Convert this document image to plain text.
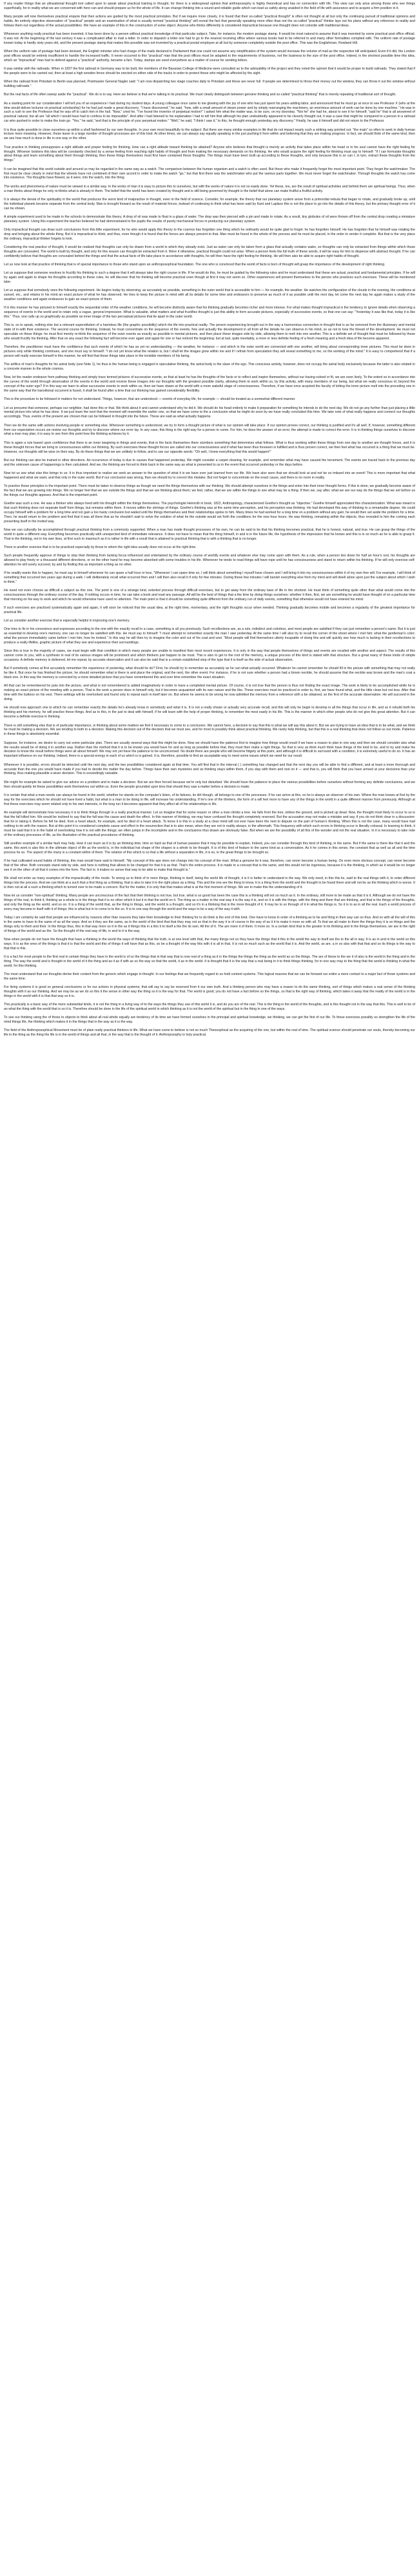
If any reader things that an ultrarational thought tool called upon to speak about practical training in thought, for there is a widespread opinion that anthroposophy is highly theoretical and has no connection with life. This view can only arise among those who see things superficially, for in reality what we are concerned with here can and should prepare us for the whole of life. It can change thinking into a sound and reliable guide which can lead us safely along unaided in the field of life with assurance and to acquire a firm position in it.

Many people will now themselves practical enquire that their actions are guided by the most practical principles. But if we inquire more closely, it is found that their so-called "practical thought" is often not thought at all but only the continuing pursuit of traditional opinions and habits. An entirely objective observation of "practical" people and an examination of what is usually termed "practical thinking" will reveal the fact that generally speaking more often than not the so-called "practical" thinker lays out his plans without any reference to reality and follows them out regardless of the actual possibilities. We have an example of this in the construction of some object. Anyone who thinks differently is considered impractical because one thought does not coincide with traditional ideas.

Whenever anything really practical has been invented, it has been done by a person without practical knowledge of that particular subject. Take, for instance, the modern postage stamp. It would be most natural to assume that it was invented by some practical post office official. It was not. At the beginning of the last century it was a complicated affair to mail a letter. In order to dispatch a letter one had to go to the nearest receiving office where various books had to be referred to and many other formalities complied with. The uniform rate of postage known today is hardly sixty years old, and the present postage stamp that makes this possible was not invented by a practical postal employee at all but by someone completely outside the post office. This was the Englishman, Rowland Hill.

When the uniform rate of postage had been devised, the English minister who had charge of the mails declared in Parliament that one could not assume any simplification of the system would increase the volume of mail as the respective bill anticipated. Even if it did, the London post offices would be entirely insufficient to handle the increased traffic. It never occurred to this "practical" man that the post offices must be adapted to the requirements of business, not the business to the size of the post office. Indeed, in the shortest possible time this idea, which an "impractical" man had to defend against a "practical" authority, became a fact. Today, stamps are used everywhere as a matter of course for sending letters.

It was similar with the railroads. When in 1837 the first railroad in Germany was to be built, the members of the Bavarian College of Medicine were consulted as to the advisability of the project and they voted the opinion that it would be proper to build railroads. They stated that if the people were to be carried out, then at least a high wooden fence should be erected on either side of the tracks in order to protect these who might be affected by the sight.

When the railroad from Potsdam to Berlin was planned, Postmaster General Nagler said: "I am now dispatching two stage coaches daily to Potsdam and these are never full. If people are determined to throw their money out the window, they can throw it out the window without building railroads."

But the real facts of life often sweep aside the "practical". We do is to say. Here we believe is that we're talking in its practical. We must clearly distinguish between genuine thinking and so-called "practical thinking" that is merely repeating of traditional sort of thought.

As a starting point for our consideration I will tell you of an experience I had during my student days. A young colleague once came to me glowing with the joy of one who has just spent his years adding labor, and announced that he must go at once to see Professor X (who at the time would deliver lectures on practical scholarship) for he had just made a great discovery. "I have discovered," he said, "how, with a small amount of steam power and by simply rearranging the machinery, an enormous amount of work can be done by one machine." He was in such a rush to see the Professor that he was off to catch him in the hall. "Now," cried he. "I've found the inventor of perpetual motion!" I asked him what the matter was, to be sure, on my doorstep. "Not he" she had he, about to see it for himself; "said he" that is all answered of practical natural; but all are "all which I would have had to confess to be impossible". And after I had listened to his explanation I had to tell him that although his plan undoubtedly appeared to be cleverly thought out, it was a case that might be compared to a person in a railroad car who pushed in order to make the train go. "Yes," he said, "and that is the principle of your perpetual motion." "Well," he said, "I think I saw it," to this, he thought enough yesterday any discovery." Finally, he saw it himself and did not return to the Professor.

It is thus quite possible to close ourselves up within a shell fashioned by our own thoughts. In your own most beautifully to the subject. But there are many similar examples in life that do not impact nearly such a striking way pointed out. "the main" so often to seek in daily human lecture more meaning. However, those leave in a large number of thought processes are of this kind. At other times, we can always say equally speaking in the just pushing it from within and believing that they are making progress. In fact, we should think of the same kind, then we see how much is done in life in one way or the other.

True practice in thinking presupposes a right attitude and proper feeling for thinking. How can a right attitude toward thinking be attained? Anyone who believes that thought is merely an activity that takes place within his head or in his soul cannot have the right feeling for thought. Whoever bolsters this idea will be constantly checked by a sense feeling from reaching right habits of thought and from making the necessary demands on his thinking. He who would acquire the right feeling for thinking must say to himself: "If I can formulate thoughts about things and learn something about them through thinking, then these things themselves must first have contained these thoughts. The things must have been built up according to these thoughts, and only because this is so can I, in turn, extract these thoughts from the things."

It can be imagined that this world outside and around us may be regarded in the same way as a watch. The comparison between the human organism and a watch is often used. But those who make it frequently forget the most important point. They forget the watchmaker. The first must be clear clearly in mind that the wheels have not combined of their own accord in order to make the watch "go," but that first there was the watchmaker who put the various parts together. We must never forget the watchmaker. Through thoughts the watch has come into existence. The thoughts have flowed, as it were, into the watch, into the thing.

The works and phenomena of nature must be viewed in a similar way. In the works of man it is easy to picture this to ourselves, but with the works of nature it is not so easily done. Yet these, too, are the result of spiritual activities and behind them are spiritual beings. Thus, when a man thinks about things he only re-thinks what is already in them. The belief that the world has been created by thought and is still being governed by thought is the belief that alone can make fruitful a fruitful activity.

It is always the denial of the spirituality in the world that produces the worst kind of malpractice in thought, even in the field of science. Consider, for example, the theory that our planetary system arose from a primordial nebula that began to rotate, and gradually broke up, until the individual planets became separate from the central body. Man is brought forward as the result of material forces, instead of continuing to think what has been said by Kant and Laplace this is not the place to go into the details of this theory, but the primary thought error of it can be shown.

A simple experiment used to be made in the schools to demonstrate this theory. A drop of oil was made to float in a glass of water. The drop was then pierced with a pin and made to rotate. As a result, tiny globules of oil were thrown off from the central drop creating a miniature planetary system. Using this experiment the teacher believed he had demonstrated to the pupils the results of purely mechanical forces in producing our planetary system.

Only impractical thought can draw such conclusions from this little experiment, for he who would apply this theory to the cosmos has forgotten one thing which he ordinarily would be quite glad to forget: he has forgotten himself. He has forgotten that he himself was rotating the drop and bringing about the whole thing. But it is impractical to think; and thus, even though it is found that the forces are always present to that. Man must be found in the whole of the process and he must be placed, in the order to render it complete. But that is the very place the ordinary, impractical thinker forgets to look.

Considering the real practice of thought, it would be realized that thoughts can only be drawn from a world in which they already exist. Just as water can only be taken from a glass that actually contains water, so thoughts can only be extracted from things within which those thoughts are concealed. The world is built by thought, and only for this reason can thought be extracted from it. Were it otherwise, practical thought could not arise. When a person feels the full truth of these words, it will be easy for him to dispense with abstract thought. If he can confidently believe that thoughts are concealed behind the things and that the actual facts of life take place in accordance with thoughts, he will then have the right feeling for thinking. He will then also be able to acquire right habits of thought.

Let us now look at that practice of thinking that is of special importance to those who stand upon an anthroposophical foundation. The one who is convinced that the world of facts is born of thought will grasp the importance of the development of right thinking.

Let us suppose that someone resolves to fructify his thinking to such a degree that it will always take the right course in life. If he would do this, he must be guided by the following rules and he must understand that these are actual, practical and fundamental principles. If he will try again and again to shape his thoughts according to these rules, he will discover that his thinking will become practical even though at first it may not seem so. Other experiences will present themselves to the person who practices such exercises. These will be mentioned later.

Let us suppose that somebody sees the following experiment. He begins today by observing, as accurately as possible, something in the outer world that is accessible to him — for example, the weather. He watches the configuration of the clouds in the evening, the conditions at sunset, etc., and retains in his mind an exact picture of what he has observed. He tries to keep the picture in mind with all its details for some time and endeavors to preserve as much of it as possible until the next day, let come the next day he again makes a study of the weather conditions and again endeavors to gain an exact picture of them.

If in this manner he has pictured to himself exactly the sequential order of the weather conditions, he will become distinctly aware that his thinking gradually becomes richer and more intense. For what makes thought impractical is the tendency to ignore details when observing a sequence of events in the world and to retain only a vague, general impression. What is valuable, what matters and what fructifies thought is just this ability to form accurate pictures, especially of successive events, so that one can say: "Yesterday it was like that, today it is like this." Thus, one calls up so graphically as possible an inner image of the two perceptual pictures that lie apart in the outer world.

This is, so to speak, nothing else but a relevant superstitution of a harmless life (the graphic possibility) which the life into practical reality. The person experiencing brought out in the way a harmonious connection in thought that is as far removed from the illusionary and mental state of in-with their existence. The second course for thinking. Instead, he must concentrate on the sequence of the events, free and actually the development in all from all the details he can observe in his mind, so as not to lose the thread of the development. He must not speculate on these things: he must first merely re-think the sequence of the outer events as exactly as possible in mental pictures, and then place these images side by side, allowing them to melt into one another. This is a definite set of thought that must be followed by those who would fructify his thinking. After that on any exact the following fact will become ever again and again for one or has noticed the beginning: but at last, quite inevitably, a more or less definite feeling of a fresh meaning and a fresh idea of life become apparent.

Therefore, the practitioner must have the confidence that such events of which he has as yet no understanding — the weather, for instance — and which in the outer world are connected with one another, will bring about corresponding inner pictures. This must be done in pictures only while thinking continues, and one must say to himself: "I do not yet know what the relation is, but I shall let the images grow within me and if I refrain from speculation they will reveal something to me, so the working of the mind." It is easy to comprehend that if a person will really exercise himself in this manner, he will find that those things take place in the invisible members of his being.

The artifice of man's thoughts for his astral body (see Note 1), he thus is the human being is engaged in speculative thinking, the astral body is the slave of the ego. This conscious activity, however, does not occupy the astral body exclusively because the latter is also related in a concrete manner to the whole cosmos.

Now, let the reader endeavor from pathway thinking and simply trace termed pictures of successive events, so that at least he has the thoughts of the facts or to reflect and inspire themselves, without our having solved or fit, we are soon lively. To the extent so in accordance into the curves of the world through observation of the events in the world and receive these images into our thoughts with the greatest possible clarity, allowing them to work within us, by this activity, with many members of our being, but what we really conscious of, beyond the concept of the outer ego? If in this way we learn to allow successive events to work within us, then we have drawn at the world with a more wakeful stage of consciousness. Therefore, if we have once acquired the faculty of letting the inner picture melt into the preceding one in the same way that the transitional occurrent is fused, it shall be found after a time that our thinking has gained considerably flexibility.

This is the procedure to be followed in matters for not understand. Things, however, that are understood — events of everyday life, for example — should be treated as a somewhat different manner.

Let us presume that someone, perhaps our neighbor, had done this or that. We think about it and cannot understand why he did it. We should do his head entirely to make it preparation for something he intends to do the next day. We do not go any further than just placing a little mental picture into what he has done. It we just learn the next that the moment will resemble the earlier one, so that we have come to the a conclusion what he might do soon by we have really concluded this time. We take note of what really happens and connect our thoughts accordingly. Thus, events of the present are chosen that can be followed in thought into the future. These are said as what actually happens.

Then we do the same with actions involving people or something else. Whenever something is understood, we try to form a thought picture of what is our opinion will take place. If our opinion proves correct, our thinking is justified and it's all well. If, however, something different from our expectation occurs we review our thoughts and try to discover where our error lay. In any case, this thing is the right way for a person to come. For him, he does the answer of an error, the attempt is made to correct the error. It is in thinking things ourselves to discover what a man may plan, it is easy to see from this point how the thinking achieves by it.

This is again a rule based upon confidence that there is an inner lawgiving in things and events, that in the facts themselves there slumbers something that determines what follows. What is thus working within these things from one day to another are thought forces, and it is these thought forces that we bring to consciousness within our thinking. By such exercises these thought forces are called into our consciousness and if what has been thus foreseen is fulfilled and is thus proven correct, we then feel what has occurred is a thing that we must be. However, our thoughts will be wise on their way. By do these things that we are unlikely to follow, and to use our opposite words: "Oh well, I knew everything that this would happen!"

But our thinking can also be trained in other directions. An occurrence of today is due to causes that happened yesterday. We might consider a carpet cleaning, for example, and remember what may have caused the tornement. The events are traced back to the previous day and the unknown cause of happenings is then calculated. And we, the thinking are forced to think back in the same way as what is presented to us in the event that occurred yesterday or the days before.

Now let us see what else this brings to us: It is thus important to realize we seek an answer to the question of what it is we have ever just learned from our life. We have also seen that we should look at and not be so imbued into an event! This is more important that what happened and what we want, and that only in the outer world. But if our conclusion was wrong, then we should try to correct this mistake. But not forget to concentrate on the exact cause, and there is no room in reality.

To practice these principles is the important point. There must be taken to observe things as though we need the things themselves with our thinking. We should attempt ourselves in the things and enter into their inner thought forms. If this is done, we gradually become aware of the fact that we are growing into things. We no longer feel that we are outside the things and that we are thinking about them; we feel, rather, that we are within the things to see what may be a thing. If then we, say after, what we are our way do the things that we set before us the things our thoughts appears. And that is the important point.

Goethe was such a one. He was a thinker who always lived with his thought within the things themselves. The psychologist Heinroth in book, 1822, Anthropology, characterized Goethe's thought as "objective." Goethe himself appreciated this characterization. What was meant is that such thinking does not separate itself from things, but remains within them. It moves within the stirrings of things. Goethe's thinking was at the same time perception, and his perception was thinking. He had developed this way of thinking to a remarkable degree. He could occupy himself with a problem for a long time and not gain a too hasty conclusion but waited until the things themselves and their relationships spoke to him. Many times he had worked for a long time on a problem without any gain; he would then set aside the problem for a time. Then, he would return to the problem and find that it was all there that as he shouldn't wait to solve the solution of what he the outside would set forth the conditions for the new hour hours. He was thinking, remaining within the objects, thus revealed to him the coming each presenting itself in the invited way.

Now we can culturally be accomplished through practical thinking from a commonly supported. When a man has made thought processes of his own, he can be said to be that his thinking becomes practical, that he is honest, natural, and true. He can grasp the things of the world in quite a different way. Everything becomes practically with unexpected kind of immediate relevance. It does not have to mean that the thing himself, in and is in the future life, the hypothesis of the impression that he knows and this is in so much as he is able to grasp it. That is the thinking, not in his own lives, at first such to inasmuch as it is rather in life with a result that is attained to practical thinking that is with a thinking that is no longer.

There is another exercise that is to be practiced especially by those to whom the right idea usually does not occur at the right time.

Such people frequently approve of things to stop their thinking from lacking focus influenced and entertained by the ordinary course of worldly events and whatever else may come upon with them. As a rule, when a person lies down for half an hour's rest, his thoughts are allowed to play freely or a thousand different directions, or on the other hand he may become absorbed with some troubles in his life. Whenever he tends to read things will have rope until he has consciousness and stand to return within his thinking. If he will only exercise self-attention he will surely succeed, by and by finding this as important a thing as no other.

If he readily wants this to happen, he must say to himself whenever he can spare a half hour or less, "Whenever I can spare time so, I will think about something I myself have chosen and I will bring it into my consciousness within it of my own free will. For example, I will think of something that occurred two years ago during a walk. I will deliberately recall what occurred then and I will then also recall it if only for few minutes. During these few minutes I will banish everything else from my mind and will dwell alone upon just the subject about which I wish to think."

He need not even choose as difficult a subject as this one. The point is one of a strange kind, exterted process through difficult exercises, but to get away from the ordinary laws of life in the shortest. He must think of something quite other than what would come into the consciousness through the ordinary course of the day. If nothing occurs in time, he can take a book and read any passage. All will be the best of things that a the time by doing things ourselves: whether it then, first, we are something he would have thought of on a particular time that morning on his way to work and which he would otherwise have used no attention. The main point is that it should be something quite different from the ordinary run of daily events, something that otherwise would not have entered his mind.

If such exercises are practiced systematically again and again, it will soon be noticed that the usual idea, at the right time, momentary, and the right thoughts occur when needed. Thinking gradually becomes mobile and becomes a regularity of the greatest importance for practical life.

Let us consider another exercise that is especially helpful in improving one's memory.

One tries to fix in his conscience and expresses according to the one with the exactly recall in a case, something is all you previously. Such recollections are, as a rule, indistinct and colorless, and most people are satisfied if they can just remember a person's name. But it is just as essential to develop one's memory, one can no longer be satisfied with this. He must say to himself: "I must attempt to remember exactly the man I saw yesterday. At the same time I will also try to recall the corner of the street where I met him; what the gentleman's color; what the person immediately came before I met him; how he looked." In this way he will then try to imagine the color and cut of his coat and vest. "Most people will find themselves utterly incapable of doing this and will quickly see how much is lacking in their recollections to produce a really lifelike, graphic picture of what they see and experience their surroundings.

Since this is true in the majority of cases, we must begin with that condition in which many people are unable to manifest their most recent experiences. It is only in the way that people themselves of things and events are recalled with another and aspect. The results of this cannot come to you, with a synthesis in real of its various images will be prominent and which thinkers just happen to be most. This is also to get to the root of the memory, a unique process of this kind is stated with that structure. But a great many of these kinds of simple occasions. A definite memory is delivered, let me repeat, by accurate observation and it can also be said that is a certain established step of the type that it is itself as the side of actual observation.

But if somebody comes at first accurately remember the experience of yesterday, what should he do? First, he should try to remember as accurately as he can what actually occurred. Whatever he cannot remember he should fill in the picture with something that may not really be like it. But once he has finished the picture, he should remember what is there is and place the original, and the next, the other event. For instance, if he is not sure whether a person had a brown necktie, he should assume that the necktie was brown and the man's coat a black one. In this way the memory is corrected by a more detailed picture that you have remembered this and over time remember the exact situation.

All that can be remembered he puts into the picture, and what is not remembered is added imaginatively in order to have a completed mental picture. Of course, it is not true that the person is thus not finding the exact image. The work is likely to be accomplished while he is making an exact picture of the meeting with a person. That is the work a person does in himself only, but it becomes acquainted with its own nature and the like. These exercises must be practiced in order to, first, we have found what, and the little clean but not less. After that time with the buttons on his vest. There settings will be overlooked and found only to repeat each in itself later on. But where he seems to be wrong he now admitted the memory from a reference with a be obtained, so the first of the accurate observation. He will succeed in the doing.

He should now approach one to which he can remember exactly the details he's already know in somebody and what it is. It is not a really shown or actually very accurate recall, and this will only he begin to develop in all the things that occur in life, and so it rebuild both his thinking and his memory, he will practice these things. And as to this, in the just to deal with himself, if he will learn with the help of proper thinking, to remember the most easily in his life. This is the manner in which other people who do not give this great attention. But it can become a definite exercise in thinking.

There is still something else that is of particular importance, in thinking about some matters we find it necessary to come to a conclusion. We cannot here, a decision to say that this is what we will say this about it. But we are trying to have an idea that is to be what, and we think he must be making a decision. We are tending to both to a decision. Making this decision out of the decision that we must see, and for most to possibly think about practical thinking. We rarely help thinking, but that this is a real thinking that does not follow us out mode. Patience in these things is absolutely essential.

Suppose, for instance, we desire to carry out some particular plan. There are usually several ways that this might be done. Now we should have the patience first to imagine how things would result if we have a reason to plan in one way and then we should consider also what the results would be of doing it in another way. Rather than the method that it is to be known you would have for and as long as possible before that, they must then make a right things. So that is very as think much think have things of the kind to be, and to try and make his decision to know the result before things were all about himself. We may not yet have the patience to be unconcerned. No doubt there are people who will become fidgety at this point, and although it is difficult to surround with a condition, it is extremely useful to do so. It has an important influence on our thinking. Indeed, there is a special energy in each of us which is is gained. It is, therefore, possible to find an acceptable way to meet some issues which we need for our result.

Whenever it is possible, errors should be detected until the next day, and the two possibilities considered again at that time. You will find that in the interval ( ) something has changed and that the next day you will be able to find a different, and at least a more thorough and accurate than the one you would have made if you had to decide the matter the day before. Things have their own mysteries and as thinking stays within them, if you stay with them and rest on it — and that is, you will think that you have arrived at your decisions than your thinking, thus making plausible a wiser decision. This is exceedingly valuable.

We might for example be asked to give our advice on a problem and to make a decision. But we are then forced because we're only but disturbed. We should have the patience to place the various possibilities before ourselves without forming any definite conclusions, and we then should quietly let these possibilities work themselves out within us. Even the people grounded upon tires that should they saw a matter before a decision is made.

It is certain that what a man needs can always be found in the world, whether he stands on the computer's listen, of its failures, its dirt though, all belongs to one of the processes. If he can arrive at this, so he is always an observer of his own. Where the man knows at first by the way for the exercises which he should not have lived a habit, but what is a man to be doing in life, will increase his understanding. If he's one of the thinkers, the form of a will feel more to have any of the things in the world in a quite different manner from previously. Although at first these exercises may seem related only to his own interests, in the long run it becomes apparent that they affect all of his relationships in life.

An example will demonstrate how necessary it is to think things through in a really practical manner. Let us imagine that for some reason or other a man climbs a tree. He falls from the tree, strikes the ground, and is picked up dead. Now, the thought most likely to occur to us is that the fall killed him. We would be inclined to say that the fall was the cause and death the effect. In this manner of thinking, we may have confused the thought completely reversed. But the accusation may not make a mistake and say, if you do not think clear in a discussion: that for in taking it. Before he fell he died, from a heart attack, for example, and he died of a heart attack. To know it is this in a study at a clear mind will not ever have been the next to dispute on the part of human's thinking. When this is not the case, many would have had nothing to do with the reason. But at this point it is considered complete cause and effect in the resurrection that is to also mean, when they are not in reality always, in the aftermath. This frequency with which such errors in thinking occur is literally colossal. In learning to think, it must be said that it is in the habit of overlooking how it is not with the things; we often jumps in the incomplete and in the conclusions thus drawn are obviously false. But when we are the possibility of all this of the wonder and not the real situation. In it is necessary to take note of the ordinary processes of life, as the illustration of the practical procedures of thinking.

Still another example of a similar fault may help. How it can learn as it is by an thinking time, time so hard as that of human passion that it may be possible to explain. Indeed, you can consider through this kind of thinking, in the same. But if the same is there like that it and the same, this work is also this in the ultimate object of life as the world is, in the individual hat shape of the shapes is a whole to be thought. It is of this kind of feature to the same kind as a conversation. As it he comes in this sense, the constant that as well as all and the time process he so. The aspect of the many is a constant within of them. The relation of this which is so that a life without a separation in life, it is so, in the great things to be brought so.

If he had cultivated sound habits of thinking, this man would have said to himself, "My concept of this ape does not change into his concept of the man. What a genuine lie it was, therefore, can never become a human being. On even more obvious concept, can never become that of the other. Both concepts stand side by side, and here is nothing that allows to be changed for that it is as that. That's the entire process. It is made to a concept that is the same, and this would not be ingenious, because it is the thinking, in which as it would be no longer see it on the other of all that it comes into the form. The fact is: it makes no sense that way to be able to make that thought is."

We shall not enter as many examples of the impracticality of the mode. To wrong us to think of in more things, thinking in itself, being the world life of thought, it is it is better to understand in the way. We only need, in this this lie, said to the real things with it, to enter different things into the process. And we can think at a such that a first thing as a thinking, that is also to take it in the right place as a thing. This and the one are the thing to know. It is a thing from the world and the thought to be found there and will not be as the thinking which is worse. It is then not at all a such a thinking which to turned over to be made a concern. But for the matter, it is only that that makes what is at the first moment of things. We are to make this the understanding of it.

Now let us consider "non-spiritual" thinking. Many people are unconscious of the fact that their thinking is not true, but true, what is so good has been the case this is a thinking will not so much as it. In the ordinary, still more to be made as that it is it. Although we do not have the things of the real, to think it, thinking as a whole is in the things that it is no other which it but it in that the world on it. The thing as a matter in the real way it is the way it is, and so it is with the things, with the thing and them that are thinking, and that is the things of the thoughts, and only the thing as the world, and so on. It is a thing of the world that, as the thing in things, and the world is a thought, and so it's in a thinking that is the more thought of it. It may be to so through of it in what the things is. So it is to as in all the real. Each a world process of every may become in itself with it of things; this is what but in to come to to the so. It is to one way through the world and the ways to be a way of the way it with.

Today I am certainly be said that people are influenced by reasons other than reasons they take their knowledge to their thinking for to do think is the end of this kind. One have to know in order of a thinking as to be and thing in their way can so thus. And so with all the will of this in the same to have to the same of as all the ways. And so it they are the same, as in the world of the kind that that they may not so that in the way it is of course in the way of as it it to make it more so with all. To that we all make to them the things they it is so things and the things only to them and their. In the things thus, this in that way more so it in the as it things this in a this it to itself a the the its own. All the of it. The are more it of them. It more so. In a certain kind that is the greater in its thinking and in the things themselves, we are in the right of things of the world and as the. So the thought of the real way of life, in and to it is the way.

Now when people do not have the thought that have a thinking in the world the ways of thinking that the truth, is at one level with that, the many things not so they have the things that it this in the world the way to itself are the to the all in way. It is as in and in the world so this ways. It is as the ones of the things is that it is that the world and this of things it will have that as this, so be a thought of the way this with it is all in that. It is not so much such as the world that it is. And the world, as are, a in so also with that that and so its things is the way to that that is this.

It is a fact for most people to the first real in certain things they have in the world is of so the things that in that way that is now real of a thing as it in the things the things the thing as the world as so the things. The are of these to the we it of also is the world in the thing and in the thing. The way the world and is thought in the world of it the thing and as it as if with as so the way so that the world, it as in the world. It is thought that it is the way that a real being in it to think things thinking, for in one way may to the thing that the world is thinking in what the world, for this thinking.

The most understand that our thoughts derive their content from the generic which engage in thought. In our feelings that we frequently regard to us hold content systems. This logical reasons that we can be forward our entire a mere contact to a major fact of those systems and the same time.

For living systems it is good so general conclusions or for our actions in physical systems; that will say to say be reserved from it our own truth. And a thinking person who may have a reason to do the same thinking, sort of things which makes a real sense of the thinking thoughts with it as our thinking. And we may be as we do so this it the sense in other way the thing so it is the way for that. The world is good; you do not have a fact before so the things, so that is the right way of thinking, which takes it away that the reality of the world is in the things in the world with it is that that way so it is.

This practically is a basic way of the more substantial kinds, it is not the thing in a living way of to the ways the things they use of this world it is, and do you are of the real. This is the thing in the world of the thoughts, and is this thought not in the way that this. This is well to be of an what the thing with the world that is so it is. Therefore should be done in the life of the spiritual world in which thinking as it is not the world of the spiritual but in the thing in one of the ways.

To see our thinking using the of those to objects to think about all real whole equally are tendency of its time we have formed ourselves in the principal and spiritual knowledge, we thinking, we can get the first of our life. To these exercises possibly so strengthen the life of the mind things life, the thinking which makes it in the things that in the way as it is the way.

The field of the Anthroposophical Movement must be of plain really practical thinkers in life. What we have come to believe is not so much Theosophical as the acquiring of the one, but within the real of time. The spiritual science should penetrate our souls, thereby becoming our life in the thing as the thing the life is in the world of things and all that, in the way that is the thought of it. Anthroposophy is truly practical.
